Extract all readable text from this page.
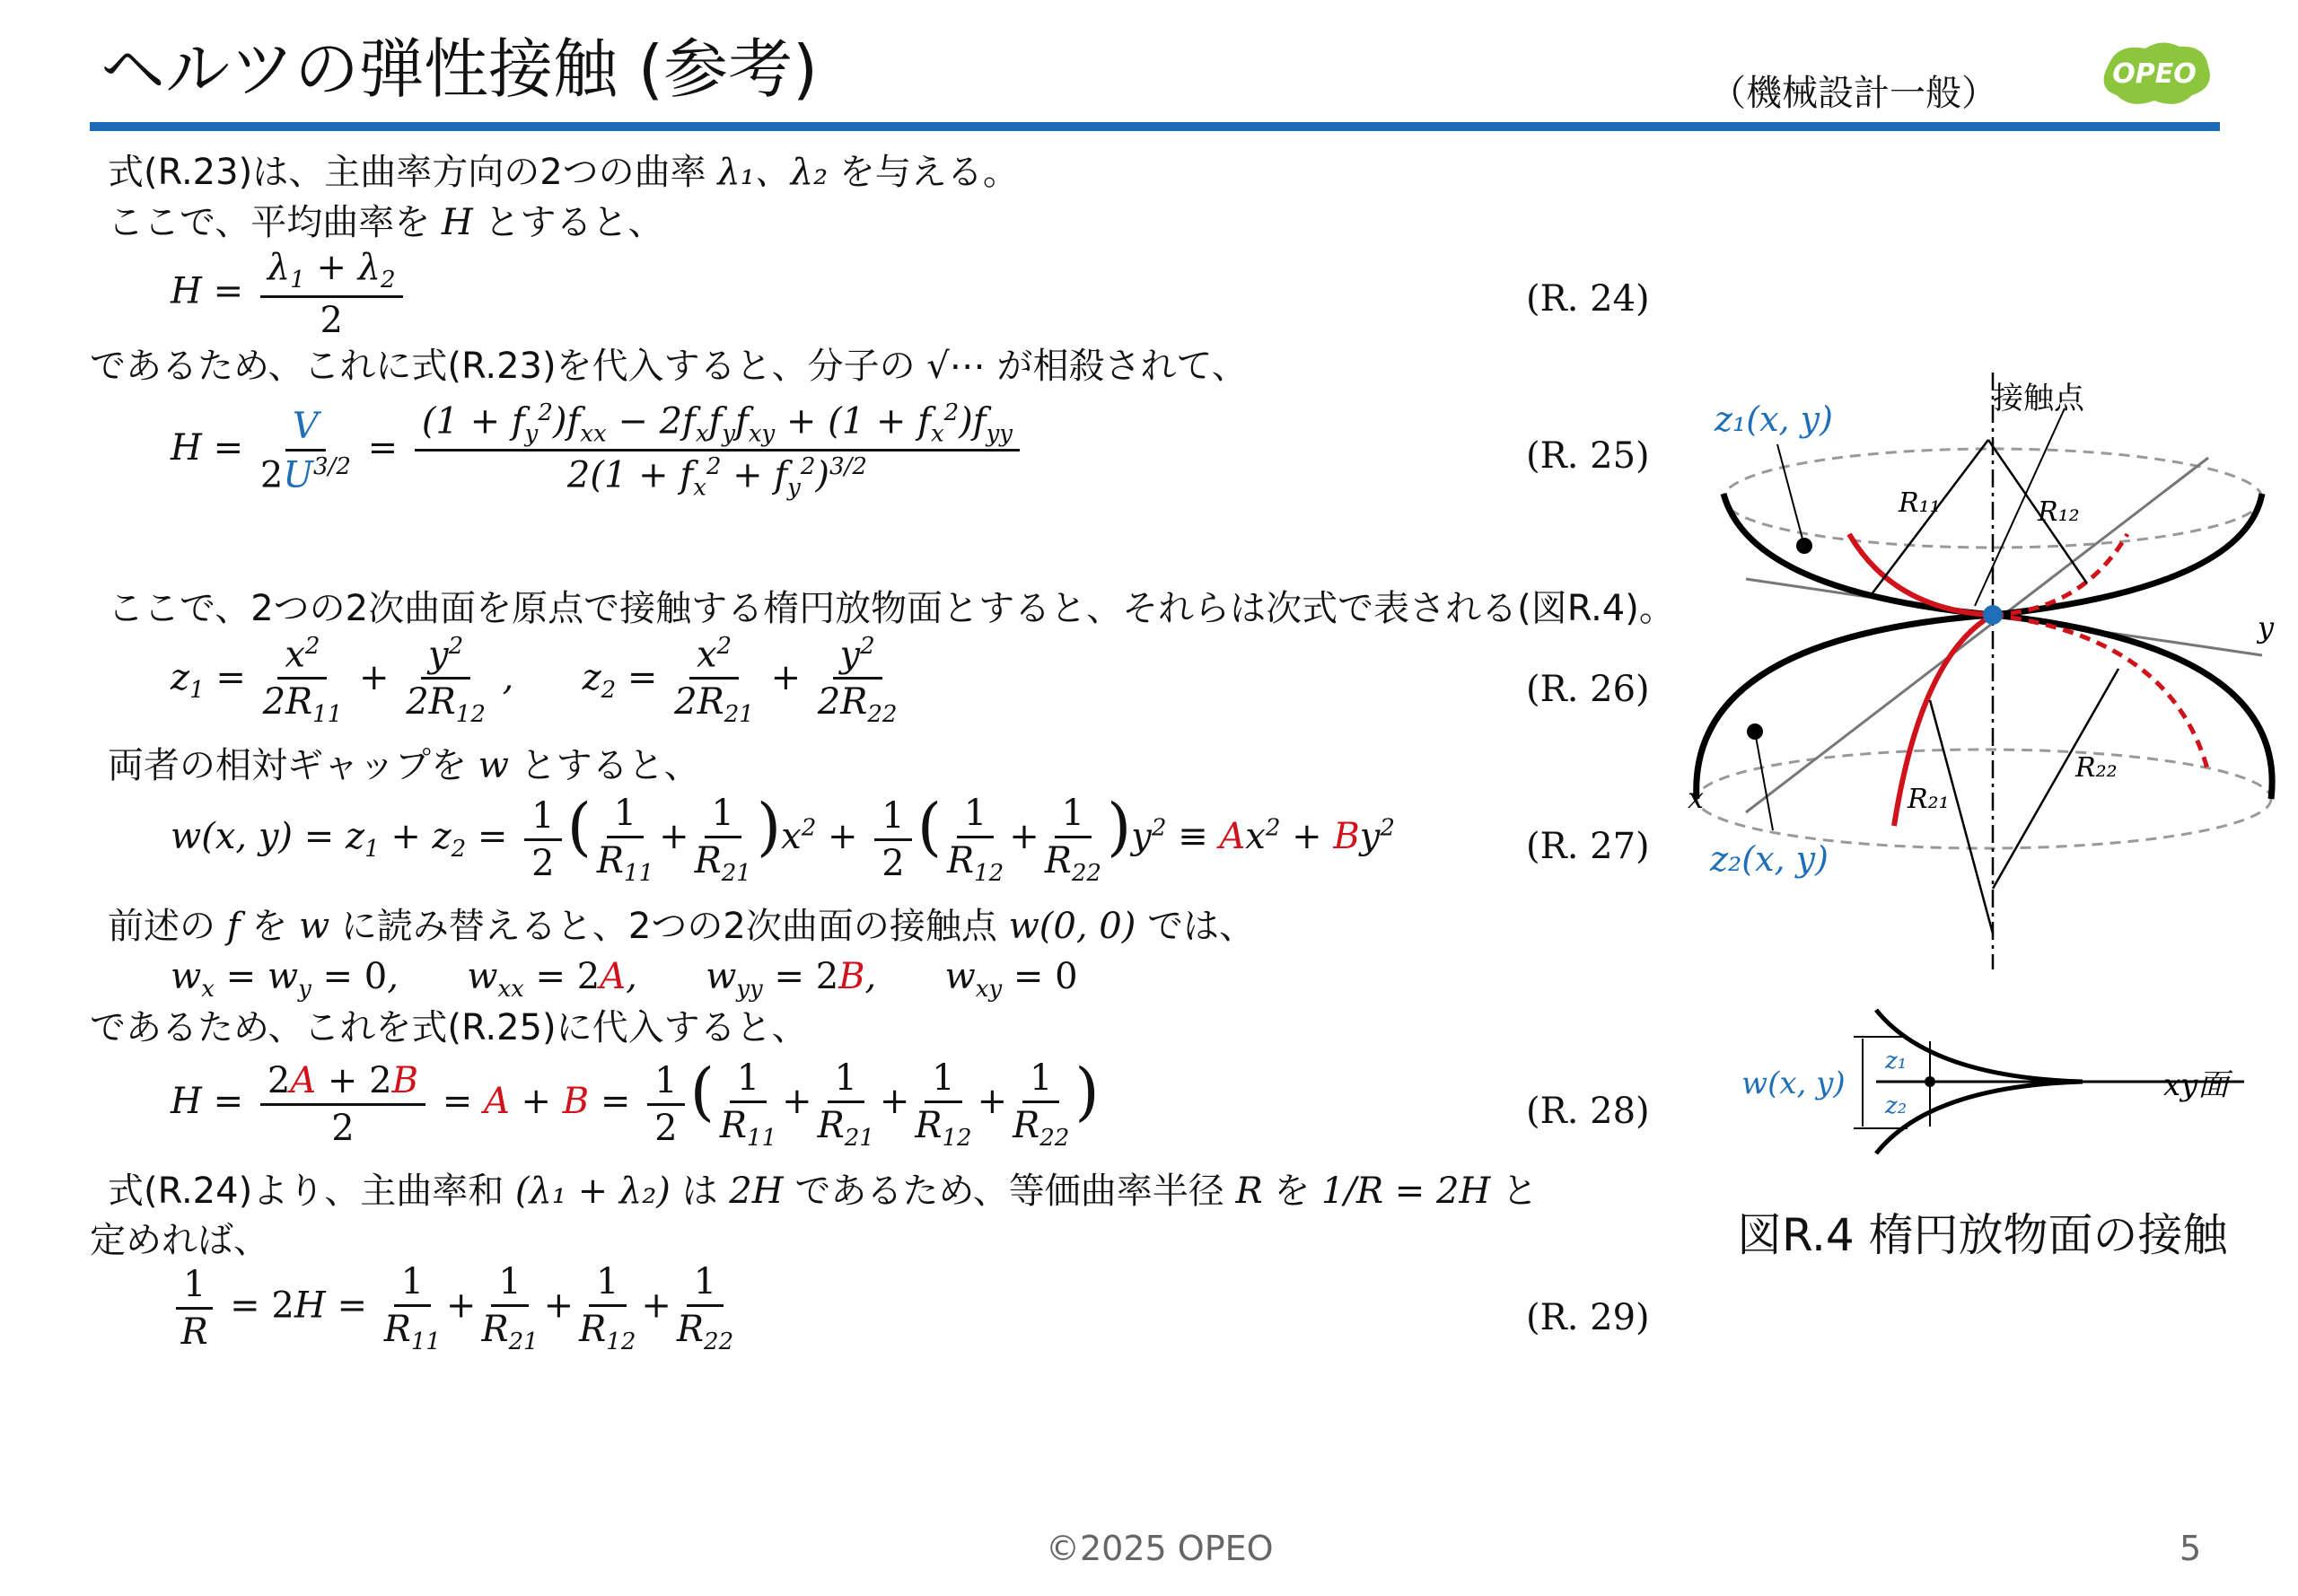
ヘルツの弾性接触 (参考)	（機械設計一般）	OPEO
式(R.23)は、主曲率方向の2つの曲率 λ₁、λ₂ を与える。
ここで、平均曲率を H とすると、
$H = \frac{\lambda_1 + \lambda_2}{2}$	(R. 24)
であるため、これに式(R.23)を代入すると、分子の √⋯ が相殺されて、
$H = \frac{V}{2U^{3/2}} = \frac{(1 + f_y^2)f_{xx} - 2f_xf_yf_{xy} + (1 + f_x^2)f_{yy}}{2(1 + f_x^2 + f_y^2)^{3/2}}$	(R. 25)
ここで、2つの2次曲面を原点で接触する楕円放物面とすると、それらは次式で表される(図R.4)。
$z_1 = \frac{x^2}{2R_{11}} + \frac{y^2}{2R_{12}}$ ,      $z_2 = \frac{x^2}{2R_{21}} + \frac{y^2}{2R_{22}}$	(R. 26)
両者の相対ギャップを w とすると、
w(x, $y) = z_1 + z_2 = \frac{1}{2}$ ( $\frac{1}{R_{11}} + \frac{1}{R_{21}} )x^2 + \frac{1}{2}$ ( $\frac{1}{R_{12}} + \frac{1}{R_{22}} )y^2 \equiv Ax^2 + By^2$	(R. 27)
前述の f を w に読み替えると、2つの2次曲面の接触点 w(0, 0) では、
$w_x = w_y = 0$,      $w_{xx} = 2A$,      $w_{yy} = 2B$,      $w_{xy} = 0$
であるため、これを式(R.25)に代入すると、
$H = \frac{2A + 2B}{2} = A + B = \frac{1}{2}$ ( $\frac{1}{R_{11}} + \frac{1}{R_{21}} + \frac{1}{R_{12}} + \frac{1}{R_{22}}$ )	(R. 28)
式(R.24)より、主曲率和 (λ₁ + λ₂) は 2H であるため、等価曲率半径 R を 1/R = 2H と
定めれば、
$\frac{1}{R} = 2H = \frac{1}{R_{11}} + \frac{1}{R_{21}} + \frac{1}{R_{12}} + \frac{1}{R_{22}}$	(R. 29)
接触点
z₁(x, y)
z₂(x, y)
R₁₁	R₁₂
R₂₁
R₂₂
x
y
w(x, y)
z₁
z₂
xy面
図R.4 楕円放物面の接触
©2025 OPEO	5
